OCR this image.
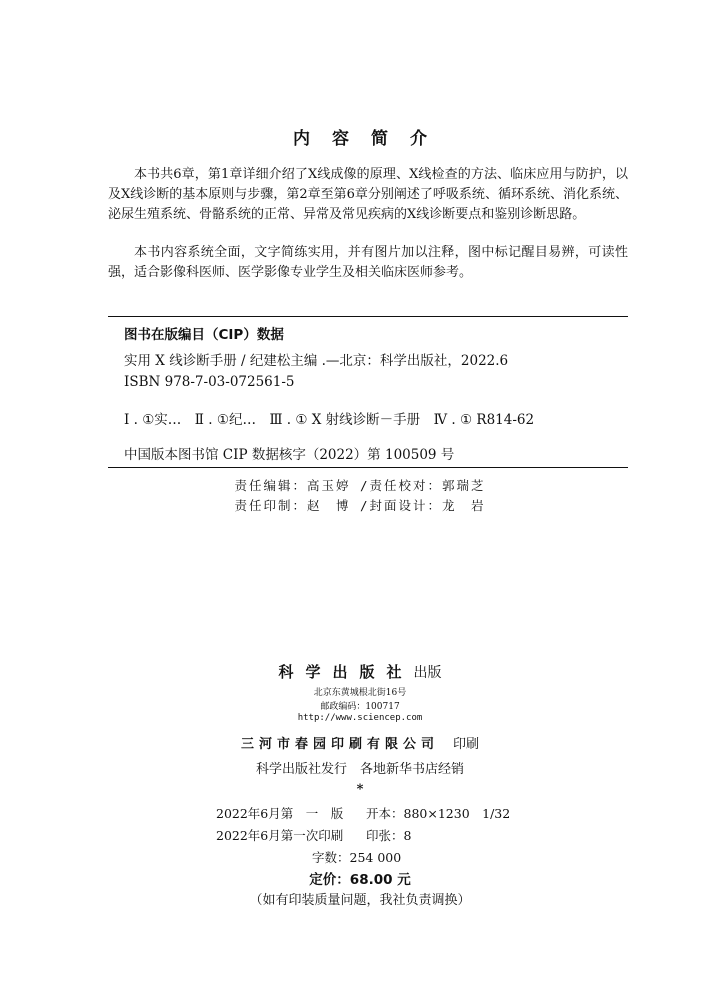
内容简介

本书共6章，第1章详细介绍了X线成像的原理、X线检查的方法、临床应用与防护，以及X线诊断的基本原则与步骤，第2章至第6章分别阐述了呼吸系统、循环系统、消化系统、泌尿生殖系统、骨骼系统的正常、异常及常见疾病的X线诊断要点和鉴别诊断思路。

本书内容系统全面，文字简练实用，并有图片加以注释，图中标记醒目易辨，可读性强，适合影像科医师、医学影像专业学生及相关临床医师参考。

图书在版编目（CIP）数据
实用 X 线诊断手册 / 纪建松主编 .—北京：科学出版社，2022.6
ISBN 978-7-03-072561-5
Ⅰ . ①实…　Ⅱ . ①纪…　Ⅲ . ① X 射线诊断－手册　Ⅳ . ① R814-62
中国版本图书馆 CIP 数据核字（2022）第 100509 号
责任编辑：高玉婷 /责任校对：郭瑞芝
责任印制：赵　博 /封面设计：龙　岩
科学出版社出版
北京东黄城根北街16号
邮政编码：100717
http://www.sciencep.com
三河市春园印刷有限公司 印刷
科学出版社发行　各地新华书店经销
*
2022年6月第　一　版 开本：880×1230　1/32
2022年6月第一次印刷 印张：8
字数：254 000
定价：68.00 元
（如有印装质量问题，我社负责调换）
